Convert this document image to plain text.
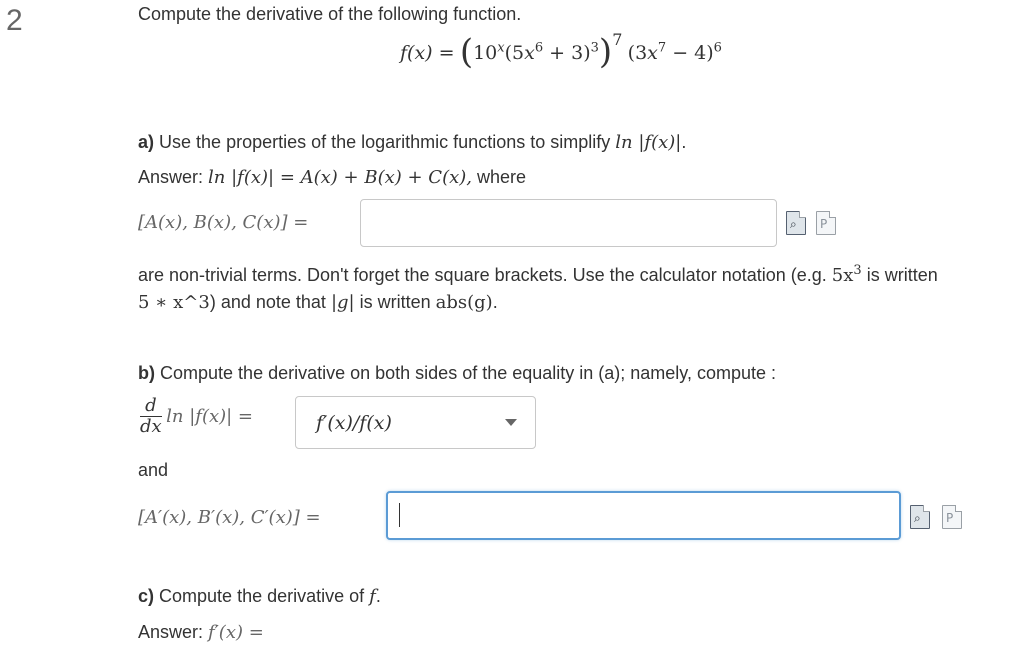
2	Compute the derivative of the following function.
$f(x) = (10^x(5x^6 + 3)^3)^7$ $(3x^7 - 4)^6$
a) Use the properties of the logarithmic functions to simplify ln |f(x)|.
Answer: ln |f(x)| = A(x) + B(x) + C(x), where
[A(x), B(x), C(x)] =	⌕ P
are non-trivial terms. Don't forget the square brackets. Use the calculator notation (e.g. $5x^3$ is written
5 ∗ x^3) and note that |g| is written abs(g).
b) Compute the derivative on both sides of the equality in (a); namely, compute :
$\frac{d}{dx}$ ln |f(x)| =	f′(x)/f(x)
and
[A′(x), B′(x), C′(x)] =	⌕ P
c) Compute the derivative of f.
Answer: f′(x) =
